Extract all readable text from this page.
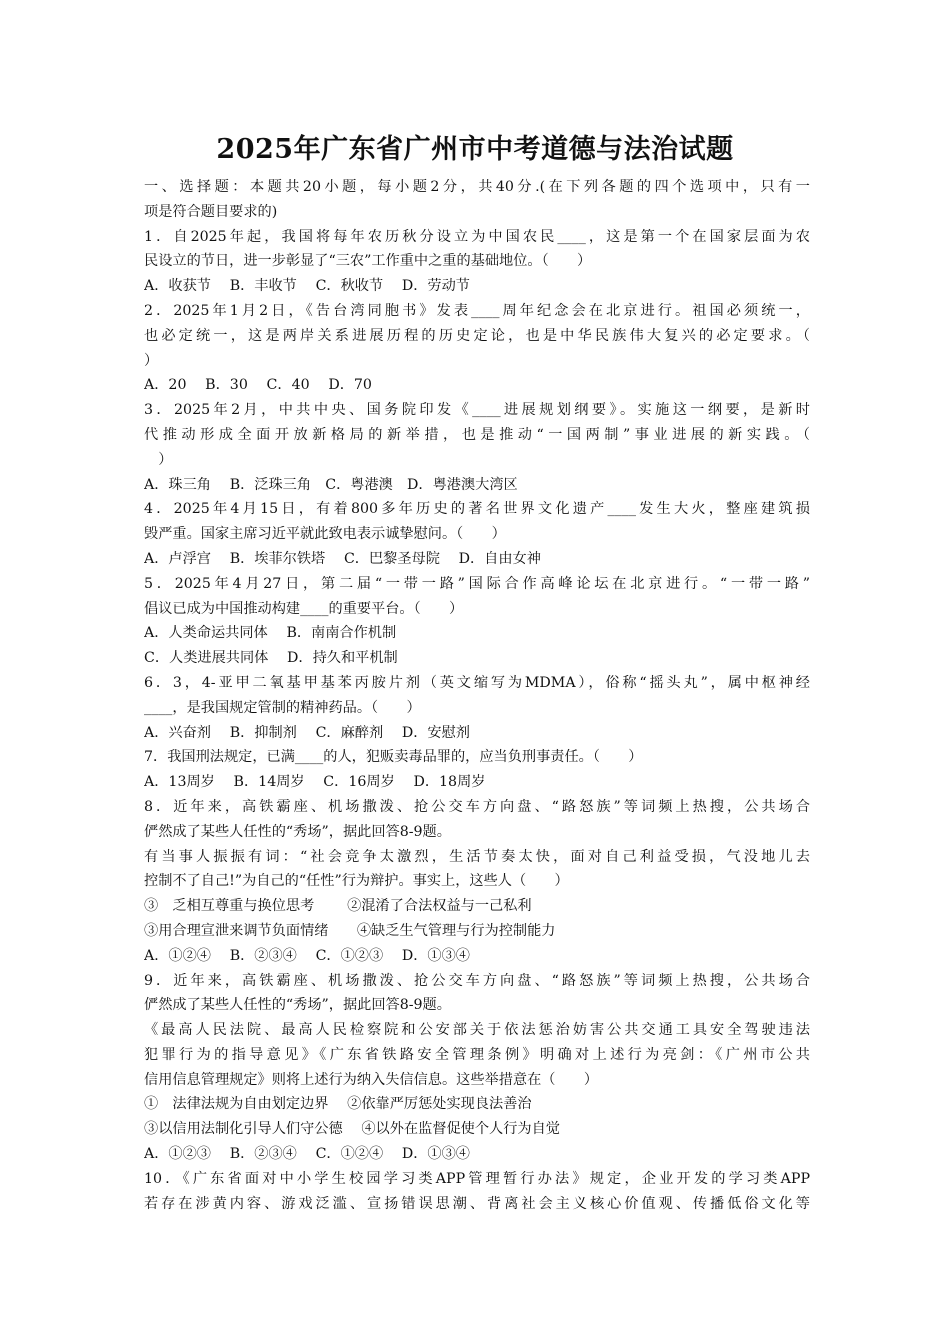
2025年广东省广州市中考道德与法治试题
一、选择题：本题共20小题，每小题2分，共40分.(在下列各题的四个选项中，只有一
项是符合题目要求的)
1．自2025年起，我国将每年农历秋分设立为中国农民____，这是第一个在国家层面为农
民设立的节日，进一步彰显了“三农”工作重中之重的基础地位。（　　）
A．收获节　 B．丰收节　 C．秋收节　 D．劳动节
2．2025年1月2日，《告台湾同胞书》发表____周年纪念会在北京进行。祖国必须统一，
也必定统一，这是两岸关系进展历程的历史定论，也是中华民族伟大复兴的必定要求。（
）
A．20　 B．30　 C．40　 D．70
3．2025年2月，中共中央、国务院印发《____进展规划纲要》。实施这一纲要，是新时
代推动形成全面开放新格局的新举措，也是推动“一国两制”事业进展的新实践。（
　）
A．珠三角　 B．泛珠三角　C．粤港澳　D．粤港澳大湾区
4．2025年4月15日，有着800多年历史的著名世界文化遗产____发生大火，整座建筑损
毁严重。国家主席习近平就此致电表示诚挚慰问。（　　）
A．卢浮宫　 B．埃菲尔铁塔　 C．巴黎圣母院　 D．自由女神
5．2025年4月27日，第二届“一带一路”国际合作高峰论坛在北京进行。“一带一路”
倡议已成为中国推动构建____的重要平台。（　　）
A．人类命运共同体　 B．南南合作机制
C．人类进展共同体　 D．持久和平机制
6．3，4-亚甲二氧基甲基苯丙胺片剂（英文缩写为MDMA），俗称“摇头丸”，属中枢神经
____，是我国规定管制的精神药品。（　　）
A．兴奋剂　 B．抑制剂　 C．麻醉剂　 D．安慰剂
7．我国刑法规定，已满____的人，犯贩卖毒品罪的，应当负刑事责任。（　　）
A．13周岁　 B．14周岁　 C．16周岁　 D．18周岁
8．近年来，高铁霸座、机场撒泼、抢公交车方向盘、“路怒族”等词频上热搜，公共场合
俨然成了某些人任性的“秀场”，据此回答8-9题。
有当事人振振有词：“社会竞争太激烈，生活节奏太快，面对自己利益受损，气没地儿去
控制不了自己!”为自己的“任性”行为辩护。事实上，这些人（　　）
③　乏相互尊重与换位思考　　 ②混淆了合法权益与一己私利
③用合理宣泄来调节负面情绪　　④缺乏生气管理与行为控制能力
A．①②④　 B．②③④　 C．①②③　 D．①③④
9．近年来，高铁霸座、机场撒泼、抢公交车方向盘、“路怒族”等词频上热搜，公共场合
俨然成了某些人任性的“秀场”，据此回答8-9题。
《最高人民法院、最高人民检察院和公安部关于依法惩治妨害公共交通工具安全驾驶违法
犯罪行为的指导意见》《广东省铁路安全管理条例》明确对上述行为亮剑：《广州市公共
信用信息管理规定》则将上述行为纳入失信信息。这些举措意在（　　）
①　法律法规为自由划定边界　 ②依靠严厉惩处实现良法善治
③以信用法制化引导人们守公德　 ④以外在监督促使个人行为自觉
A．①②③　 B．②③④　 C．①②④　 D．①③④
10．《广东省面对中小学生校园学习类APP管理暂行办法》规定，企业开发的学习类APP
若存在涉黄内容、游戏泛滥、宣扬错误思潮、背离社会主义核心价值观、传播低俗文化等
